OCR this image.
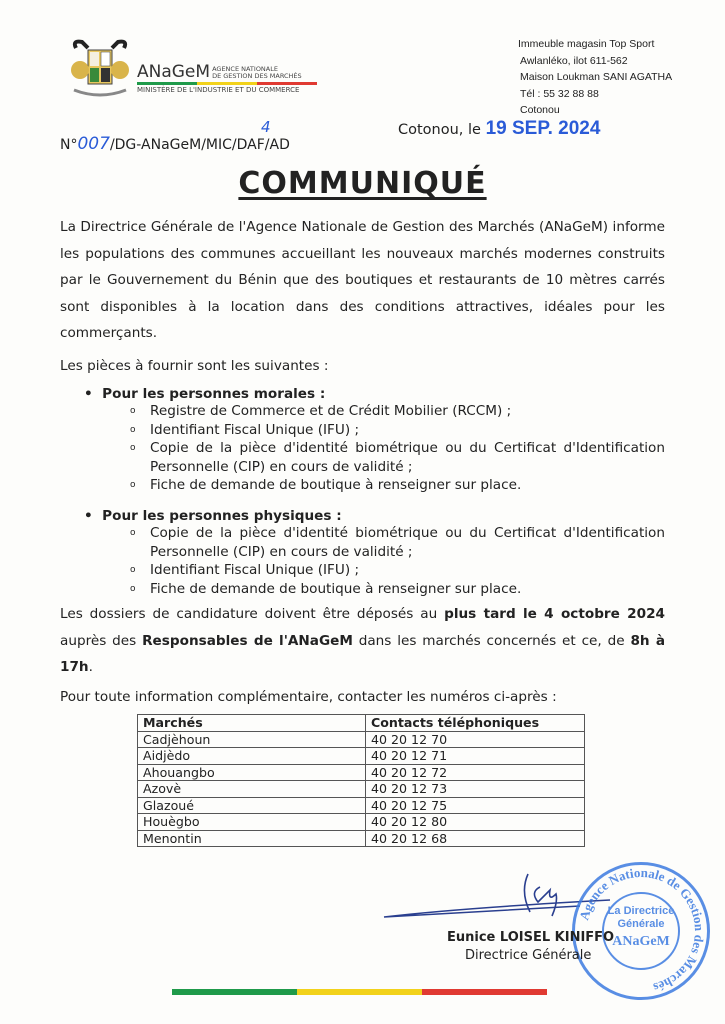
ANaGeM AGENCE NATIONALE
DE GESTION DES MARCHÉS
MINISTÈRE DE L'INDUSTRIE ET DU COMMERCE
Immeuble magasin Top Sport
Awlanléko, ilot 611-562
Maison Loukman SANI AGATHA
Tél : 55 32 88 88
Cotonou
N°007/DG-ANaGeM/MIC/DAF/AD
4	Cotonou, le 19 SEP. 2024
COMMUNIQUÉ
La Directrice Générale de l'Agence Nationale de Gestion des Marchés (ANaGeM) informe les populations des communes accueillant les nouveaux marchés modernes construits par le Gouvernement du Bénin que des boutiques et restaurants de 10 mètres carrés sont disponibles à la location dans des conditions attractives, idéales pour les commerçants.
Les pièces à fournir sont les suivantes :
•  Pour les personnes morales :
o Registre de Commerce et de Crédit Mobilier (RCCM) ;
o Identifiant Fiscal Unique (IFU) ;
o Copie de la pièce d'identité biométrique ou du Certificat d'Identification Personnelle (CIP) en cours de validité ;
o Fiche de demande de boutique à renseigner sur place.
•  Pour les personnes physiques :
o Copie de la pièce d'identité biométrique ou du Certificat d'Identification Personnelle (CIP) en cours de validité ;
o Identifiant Fiscal Unique (IFU) ;
o Fiche de demande de boutique à renseigner sur place.
Les dossiers de candidature doivent être déposés au plus tard le 4 octobre 2024 auprès des Responsables de l'ANaGeM dans les marchés concernés et ce, de 8h à 17h.
Pour toute information complémentaire, contacter les numéros ci-après :
Marchés	Contacts téléphoniques
Cadjèhoun	40 20 12 70
Aidjèdo	40 20 12 71
Ahouangbo	40 20 12 72
Azovè	40 20 12 73
Glazoué	40 20 12 75
Houègbo	40 20 12 80
Menontin	40 20 12 68
Agence Nationale de Gestion des Marchés
La Directrice
Générale
ANaGeM
Eunice LOISEL KINIFFO
Directrice Générale
